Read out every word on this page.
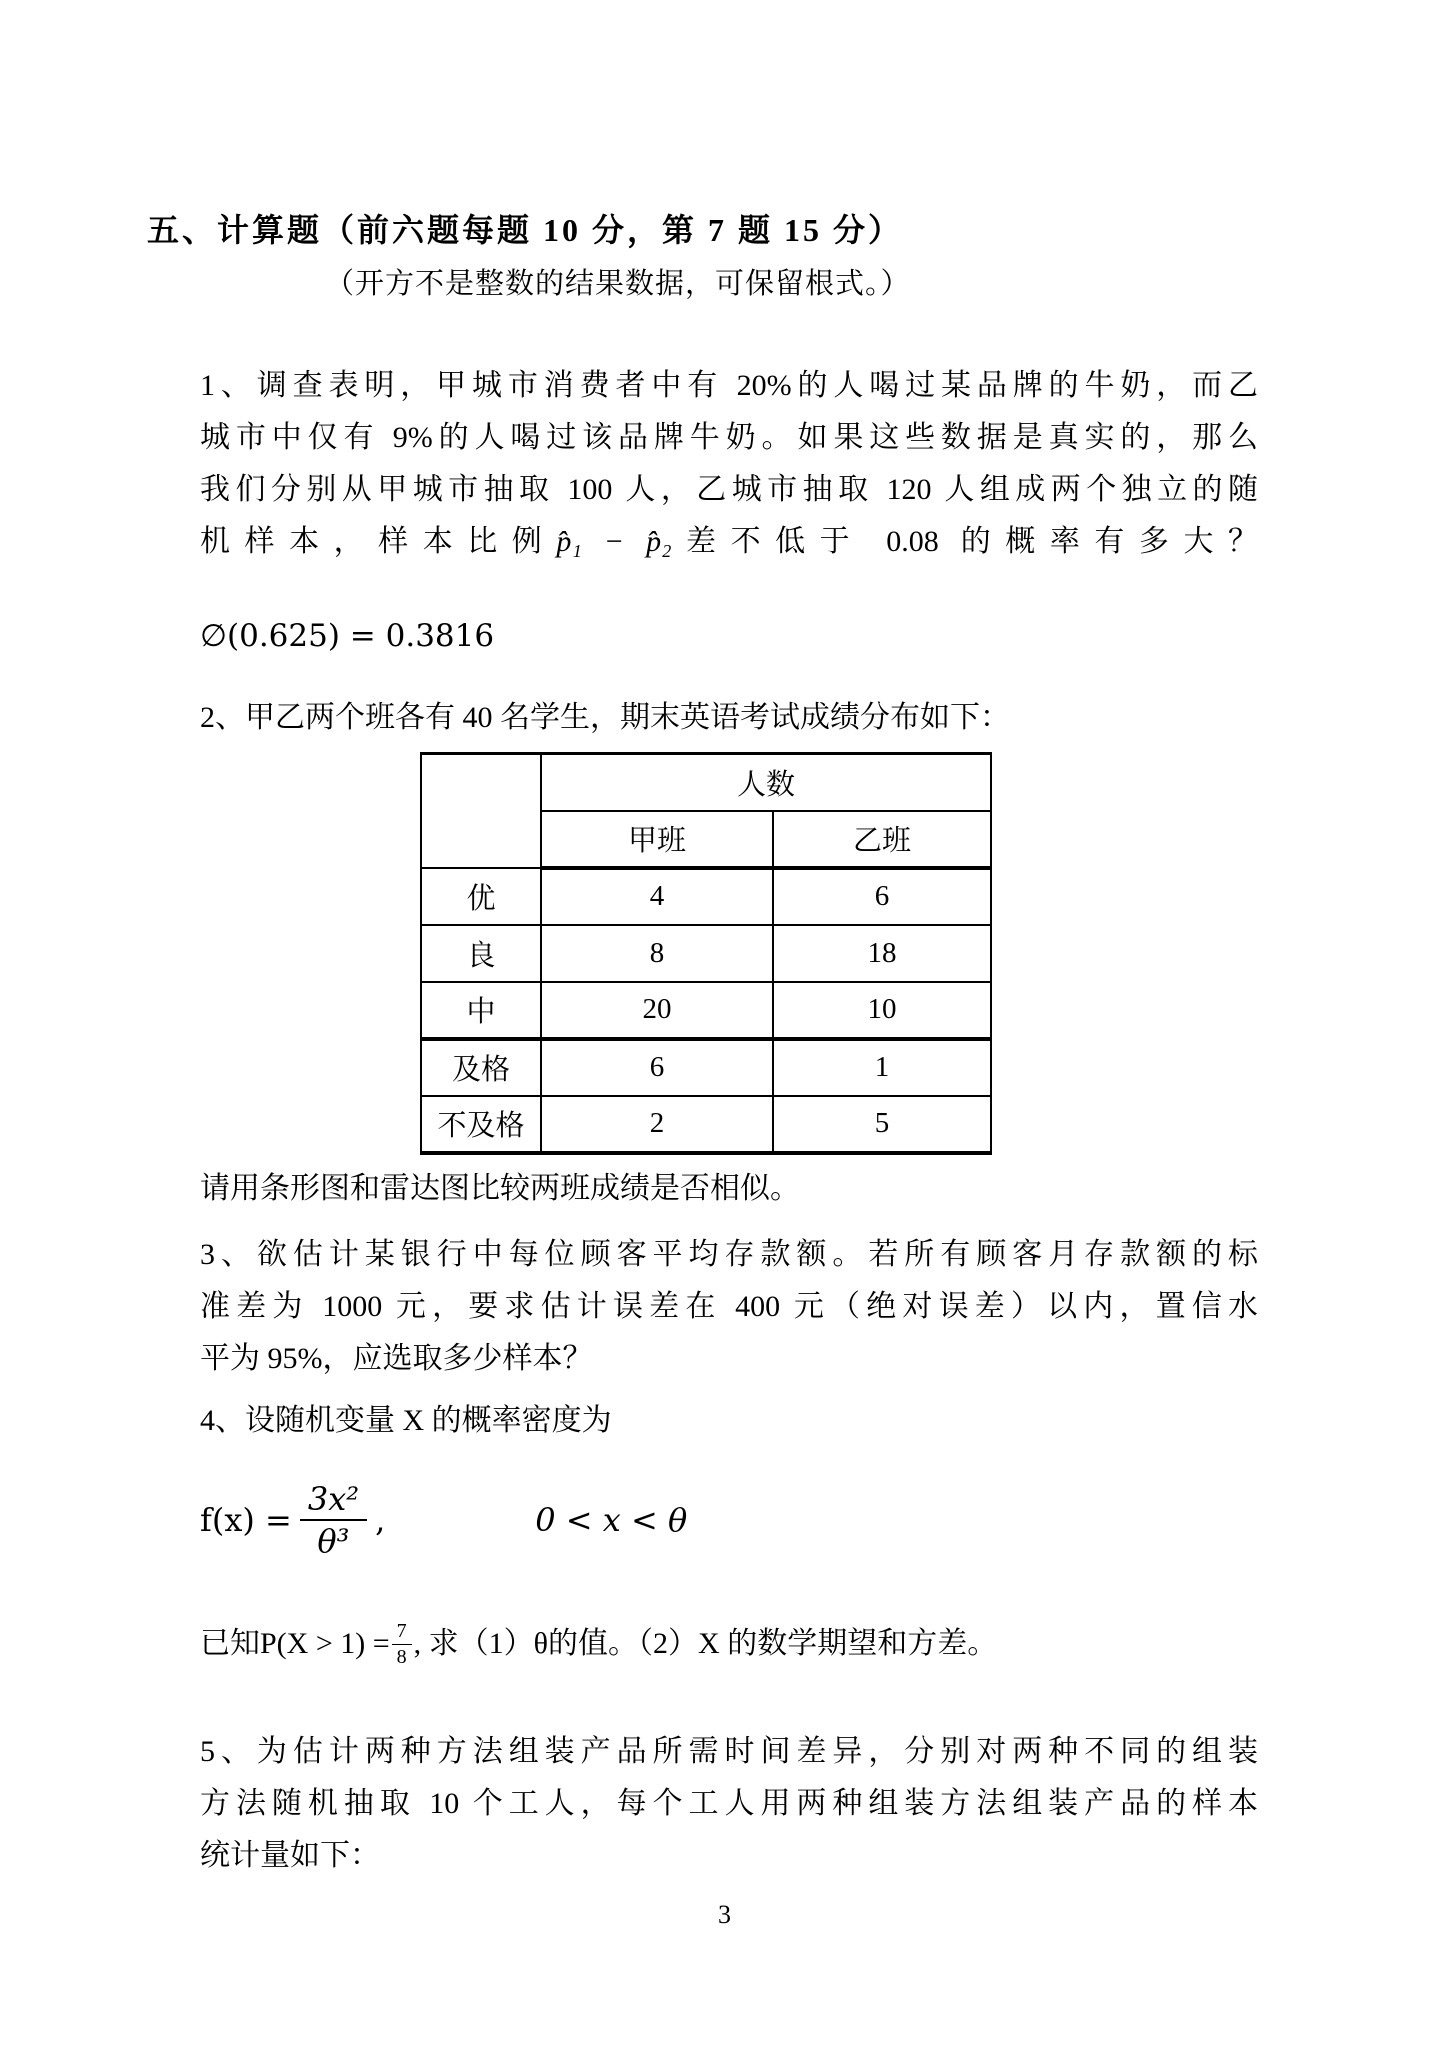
五、计算题（前六题每题 10 分，第 7 题 15 分）
（开方不是整数的结果数据，可保留根式。）
1、调查表明，甲城市消费者中有 20%的人喝过某品牌的牛奶，而乙
城市中仅有 9%的人喝过该品牌牛奶。如果这些数据是真实的，那么
我们分别从甲城市抽取 100 人，乙城市抽取 120 人组成两个独立的随
机样本，样本比例p̂₁ − p̂₂差不低于 0.08 的概率有多大？
∅(0.625) = 0.3816
2、甲乙两个班各有 40 名学生，期末英语考试成绩分布如下：
	人数	
	甲班	乙班
优	4	6
良	8	18
中	20	10
及格	6	1
不及格	2	5
请用条形图和雷达图比较两班成绩是否相似。
3、欲估计某银行中每位顾客平均存款额。若所有顾客月存款额的标
准差为 1000 元，要求估计误差在 400 元（绝对误差）以内，置信水
平为 95%，应选取多少样本？
4、设随机变量 X 的概率密度为
$f(x) = \frac{\text{3x²}}{\text{θ³}}$ ,	0 < x < θ
已知$P(X > 1) = \frac{7}{8}$ , 求（1）θ的值。（2）X 的数学期望和方差。
5、为估计两种方法组装产品所需时间差异，分别对两种不同的组装
方法随机抽取 10 个工人，每个工人用两种组装方法组装产品的样本
统计量如下：
3
